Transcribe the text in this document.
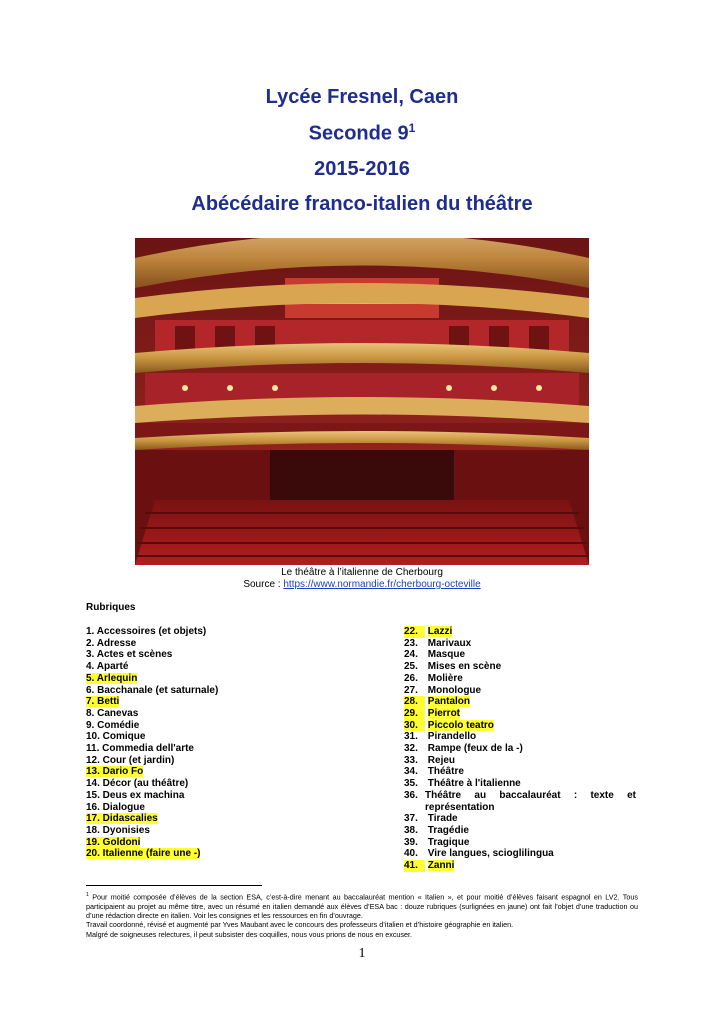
Lycée Fresnel, Caen
Seconde $9^1$
2015-2016
Abécédaire franco-italien du théâtre
Le théâtre à l’italienne de Cherbourg
Source : https://www.normandie.fr/cherbourg-octeville
Rubriques
1. Accessoires (et objets)
2. Adresse
3. Actes et scènes
4. Aparté
5. Arlequin
6. Bacchanale (et saturnale)
7. Betti
8. Canevas
9. Comédie
10. Comique
11. Commedia dell'arte
12. Cour (et jardin)
13. Dario Fo
14. Décor (au théâtre)
15. Deus ex machina
16. Dialogue
17. Didascalies
18. Dyonisies
19. Goldoni
20. Italienne (faire une -)
22. Lazzi
23. Marivaux
24. Masque
25. Mises en scène
26. Molière
27. Monologue
28. Pantalon
29. Pierrot
30. Piccolo teatro
31. Pirandello
32. Rampe (feux de la -)
33. Rejeu
34. Théâtre
35. Théâtre à l'italienne
36. Théâtre au baccalauréat : texte et
représentation
37. Tirade
38. Tragédie
39. Tragique
40. Vire langues, scioglilingua
41. Zanni
$^1$ Pour moitié composée d’élèves de la section ESA, c’est-à-dire menant au baccalauréat mention « Italien », et pour moitié d’élèves faisant espagnol en LV2. Tous participaient au projet au même titre, avec un résumé en italien demandé aux élèves d’ESA bac : douze rubriques (surlignées en jaune) ont fait l’objet d’une traduction ou d’une rédaction directe en italien. Voir les consignes et les ressources en fin d’ouvrage.
Travail coordonné, révisé et augmenté par Yves Maubant avec le concours des professeurs d’italien et d’histoire géographie en italien.
Malgré de soigneuses relectures, il peut subsister des coquilles, nous vous prions de nous en excuser.
1
